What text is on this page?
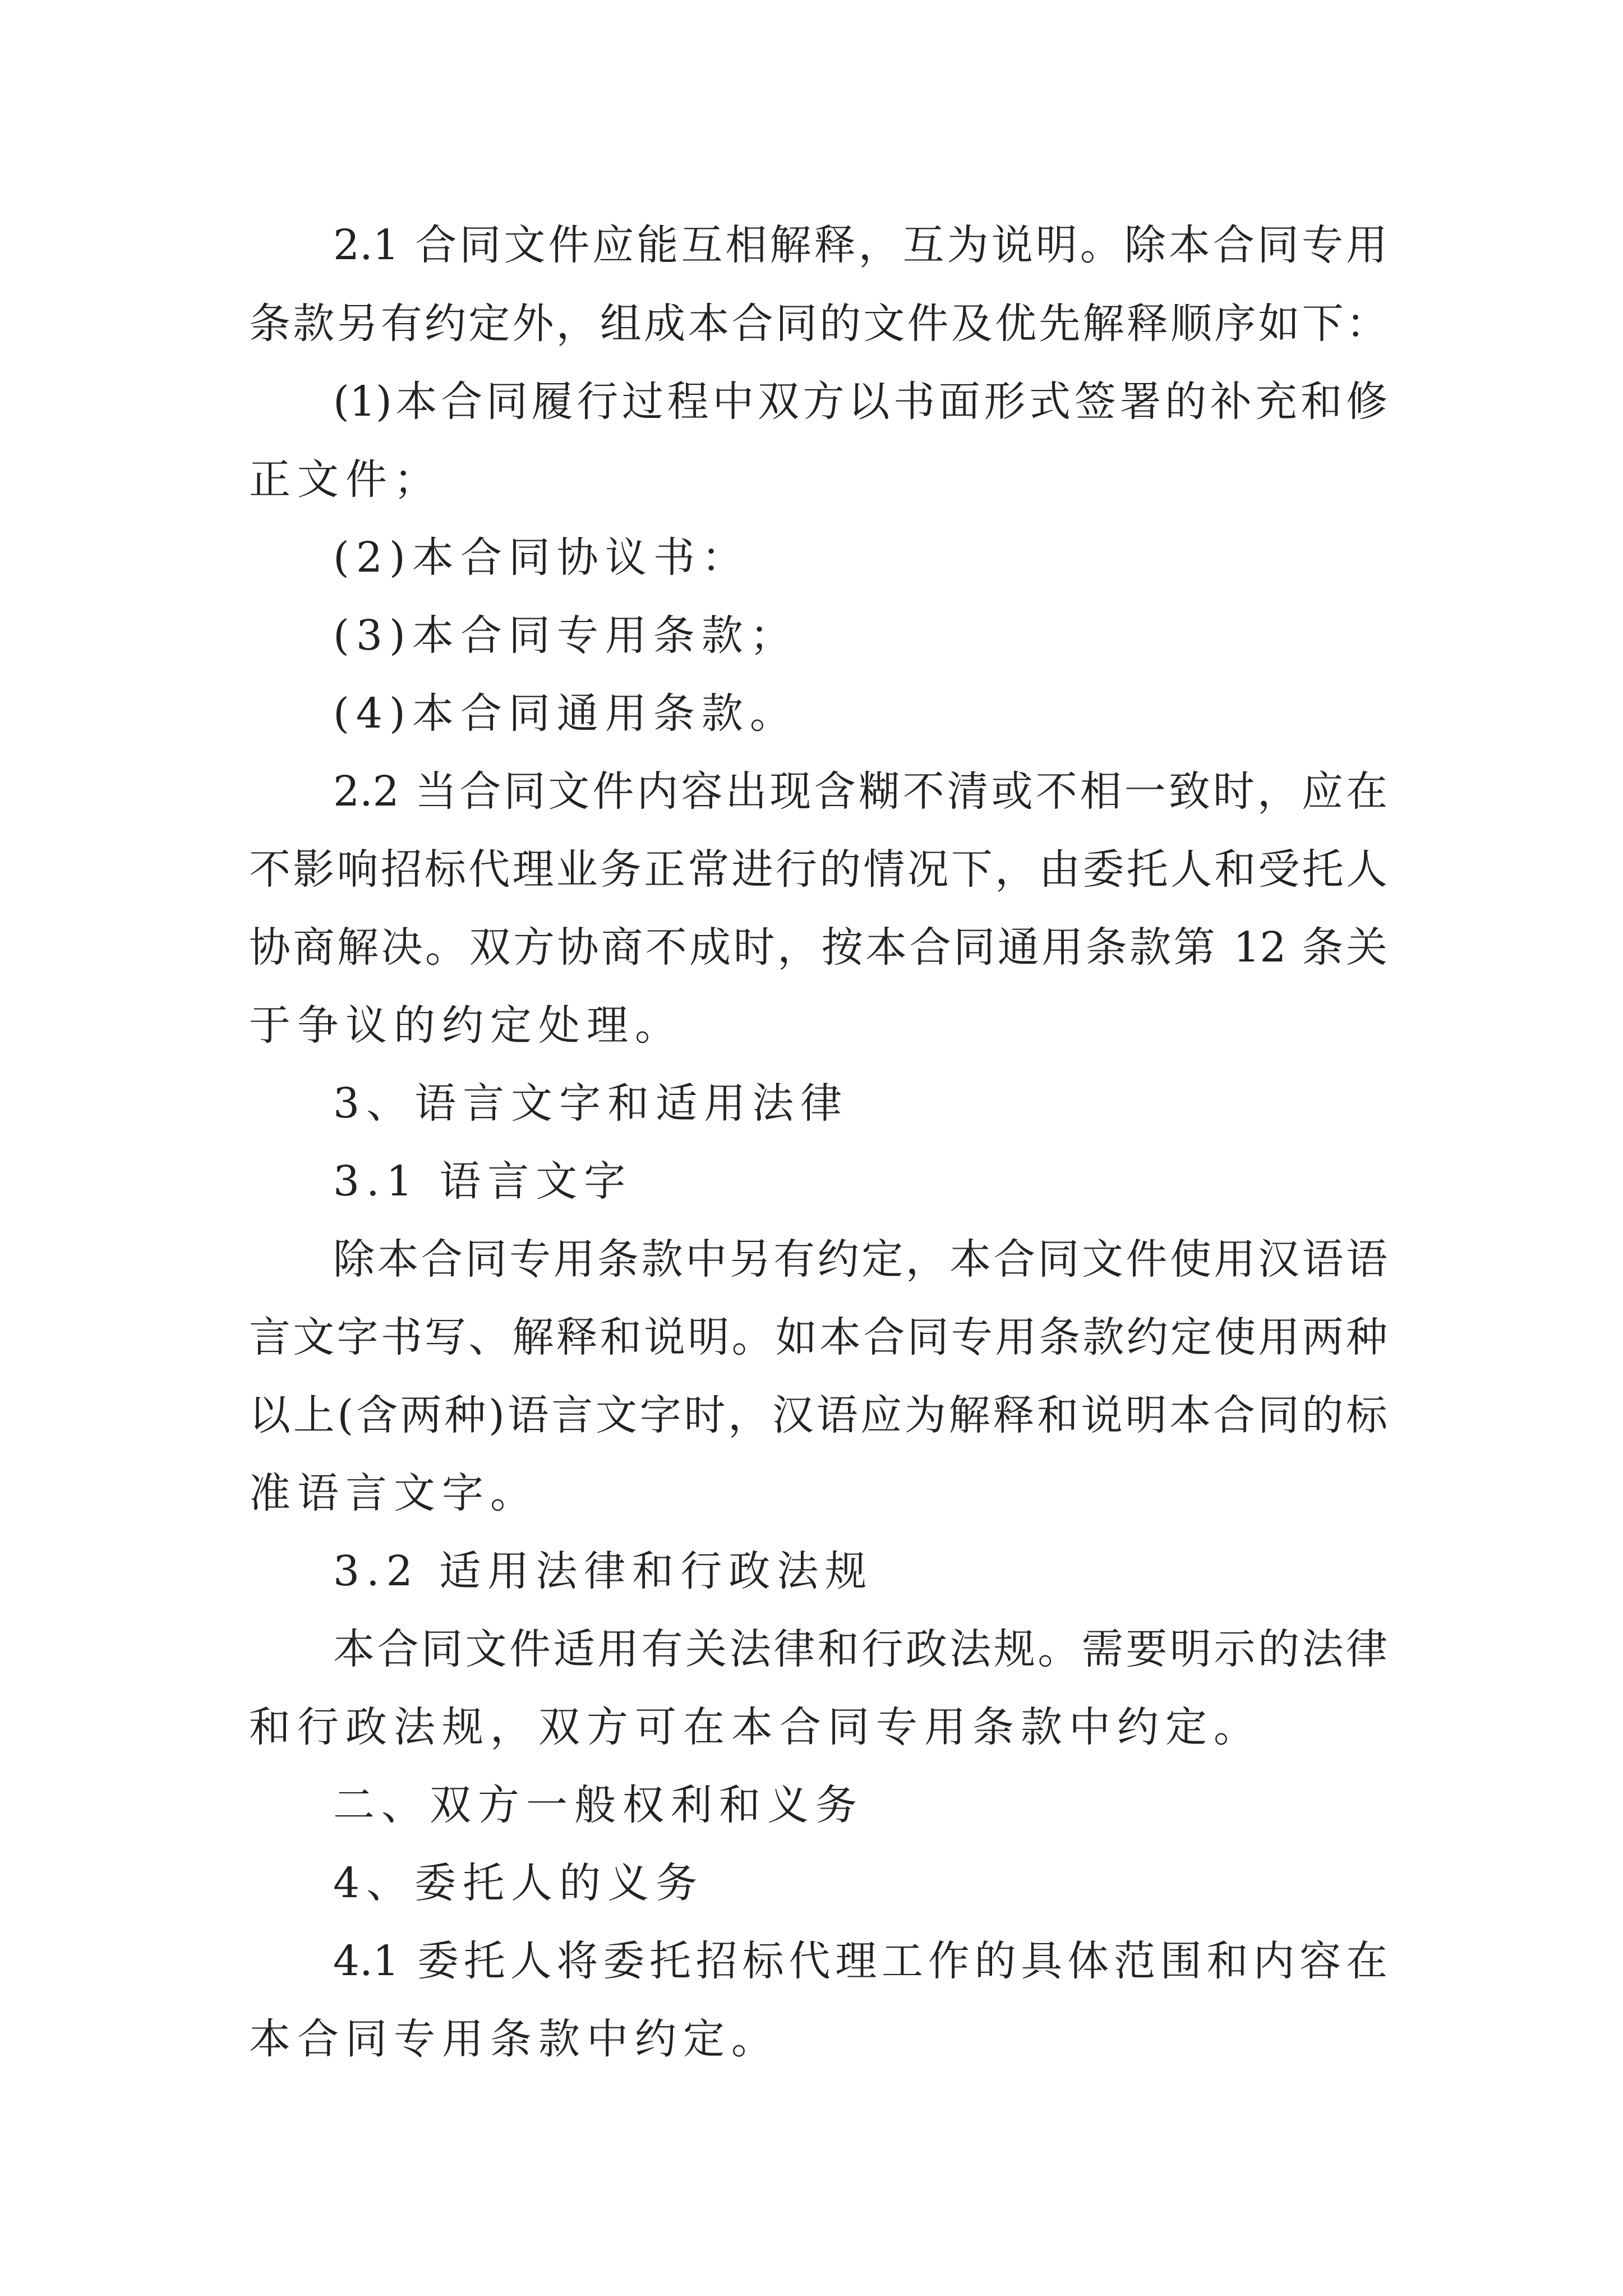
2.1 合同文件应能互相解释，互为说明。除本合同专用
条款另有约定外，组成本合同的文件及优先解释顺序如下：
(1)本合同履行过程中双方以书面形式签署的补充和修
正文件；
(2)本合同协议书：
(3)本合同专用条款；
(4)本合同通用条款。
2.2 当合同文件内容出现含糊不清或不相一致时，应在
不影响招标代理业务正常进行的情况下，由委托人和受托人
协商解决。双方协商不成时，按本合同通用条款第 12 条关
于争议的约定处理。
3、语言文字和适用法律
3.1 语言文字
除本合同专用条款中另有约定，本合同文件使用汉语语
言文字书写、解释和说明。如本合同专用条款约定使用两种
以上(含两种)语言文字时，汉语应为解释和说明本合同的标
准语言文字。
3.2 适用法律和行政法规
本合同文件适用有关法律和行政法规。需要明示的法律
和行政法规，双方可在本合同专用条款中约定。
二、双方一般权利和义务
4、委托人的义务
4.1 委托人将委托招标代理工作的具体范围和内容在
本合同专用条款中约定。
